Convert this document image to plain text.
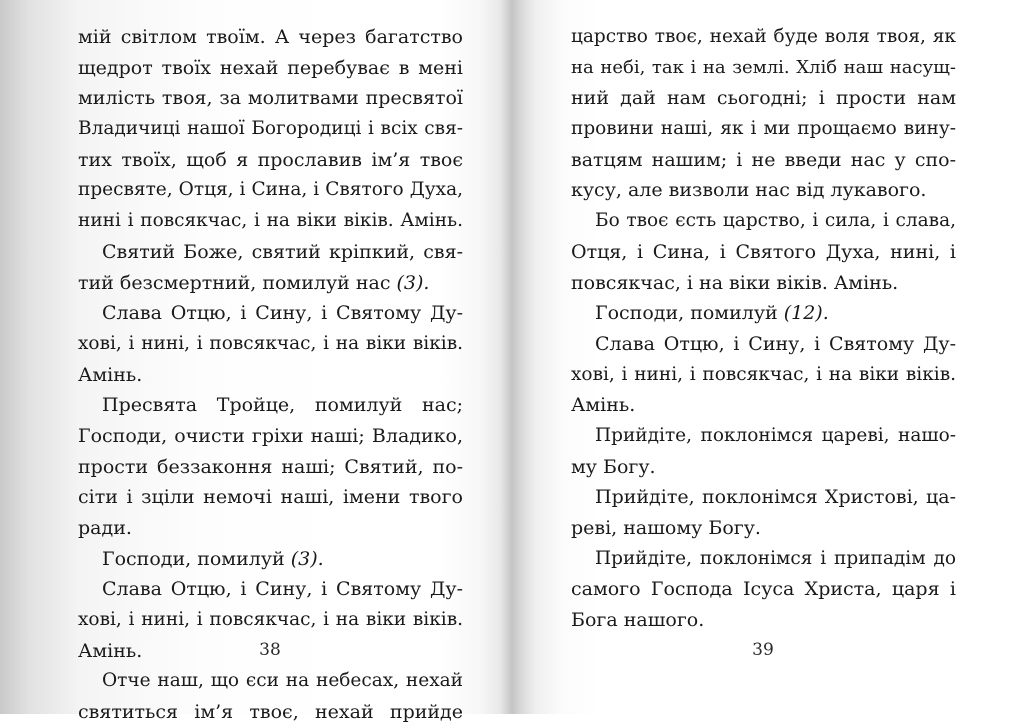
мій світлом твоїм. А через багатство
щедрот твоїх нехай перебуває в мені
милість твоя, за молитвами пресвятої
Владичиці нашої Богородиці і всіх свя-
тих твоїх, щоб я прославив ім’я твоє
пресвяте, Отця, і Сина, і Святого Духа,
нині і повсякчас, і на віки віків. Амінь.
Святий Боже, святий кріпкий, свя-
тий безсмертний, помилуй нас (3).
Слава Отцю, і Сину, і Святому Ду-
хові, і нині, і повсякчас, і на віки віків.
Амінь.
Пресвята Тройце, помилуй нас;
Господи, очисти гріхи наші; Владико,
прости беззаконня наші; Святий, по-
сіти і зціли немочі наші, імени твого
ради.
Господи, помилуй (3).
Слава Отцю, і Сину, і Святому Ду-
хові, і нині, і повсякчас, і на віки віків.
Амінь.
Отче наш, що єси на небесах, нехай
святиться ім’я твоє, нехай прийде
38
царство твоє, нехай буде воля твоя, як
на небі, так і на землі. Хліб наш насущ-
ний дай нам сьогодні; і прости нам
провини наші, як і ми прощаємо вину-
ватцям нашим; і не введи нас у спо-
кусу, але визволи нас від лукавого.
Бо твоє єсть царство, і сила, і слава,
Отця, і Сина, і Святого Духа, нині, і
повсякчас, і на віки віків. Амінь.
Господи, помилуй (12).
Слава Отцю, і Сину, і Святому Ду-
хові, і нині, і повсякчас, і на віки віків.
Амінь.
Прийдіте, поклонімся цареві, нашо-
му Богу.
Прийдіте, поклонімся Христові, ца-
реві, нашому Богу.
Прийдіте, поклонімся і припадім до
самого Господа Ісуса Христа, царя і
Бога нашого.
39
